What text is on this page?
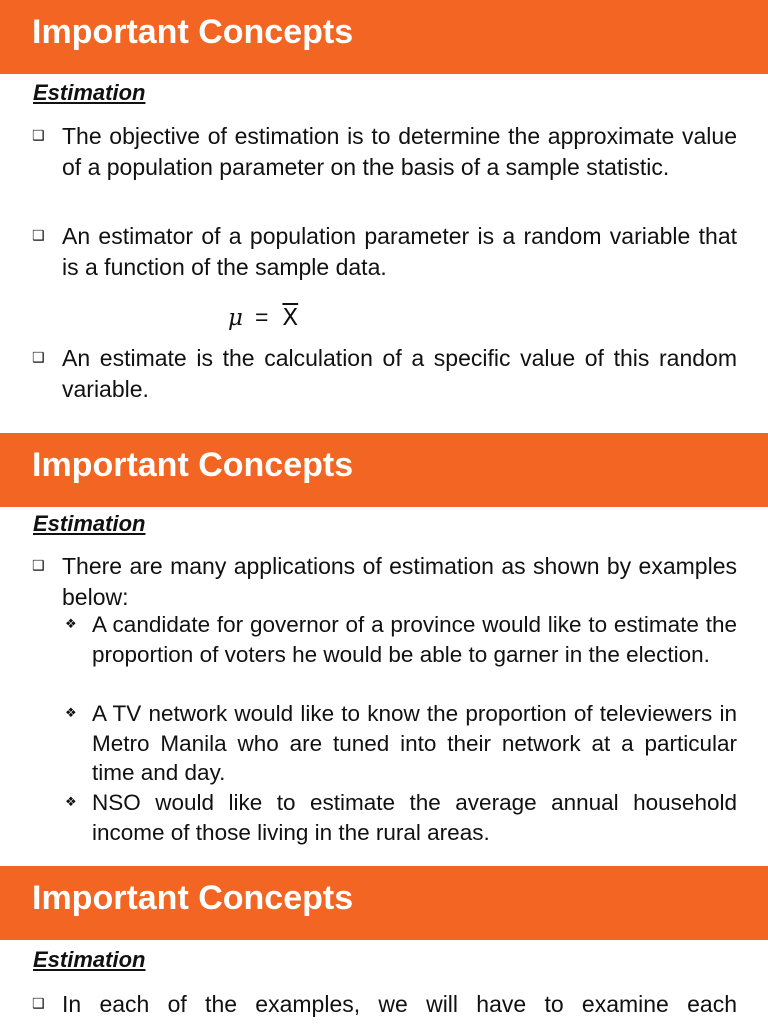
Important Concepts
Estimation
❑ The objective of estimation is to determine the approximate value of a population parameter on the basis of a sample statistic.
❑ An estimator of a population parameter is a random variable that is a function of the sample data.
$\mu = \overline{X}$
❑ An estimate is the calculation of a specific value of this random variable.
Important Concepts
Estimation
❑ There are many applications of estimation as shown by examples below:
❖ A candidate for governor of a province would like to estimate the proportion of voters he would be able to garner in the election.
❖ A TV network would like to know the proportion of televiewers in Metro Manila who are tuned into their network at a particular time and day.
❖ NSO would like to estimate the average annual household income of those living in the rural areas.
Important Concepts
Estimation
❑ In each of the examples, we will have to examine each
